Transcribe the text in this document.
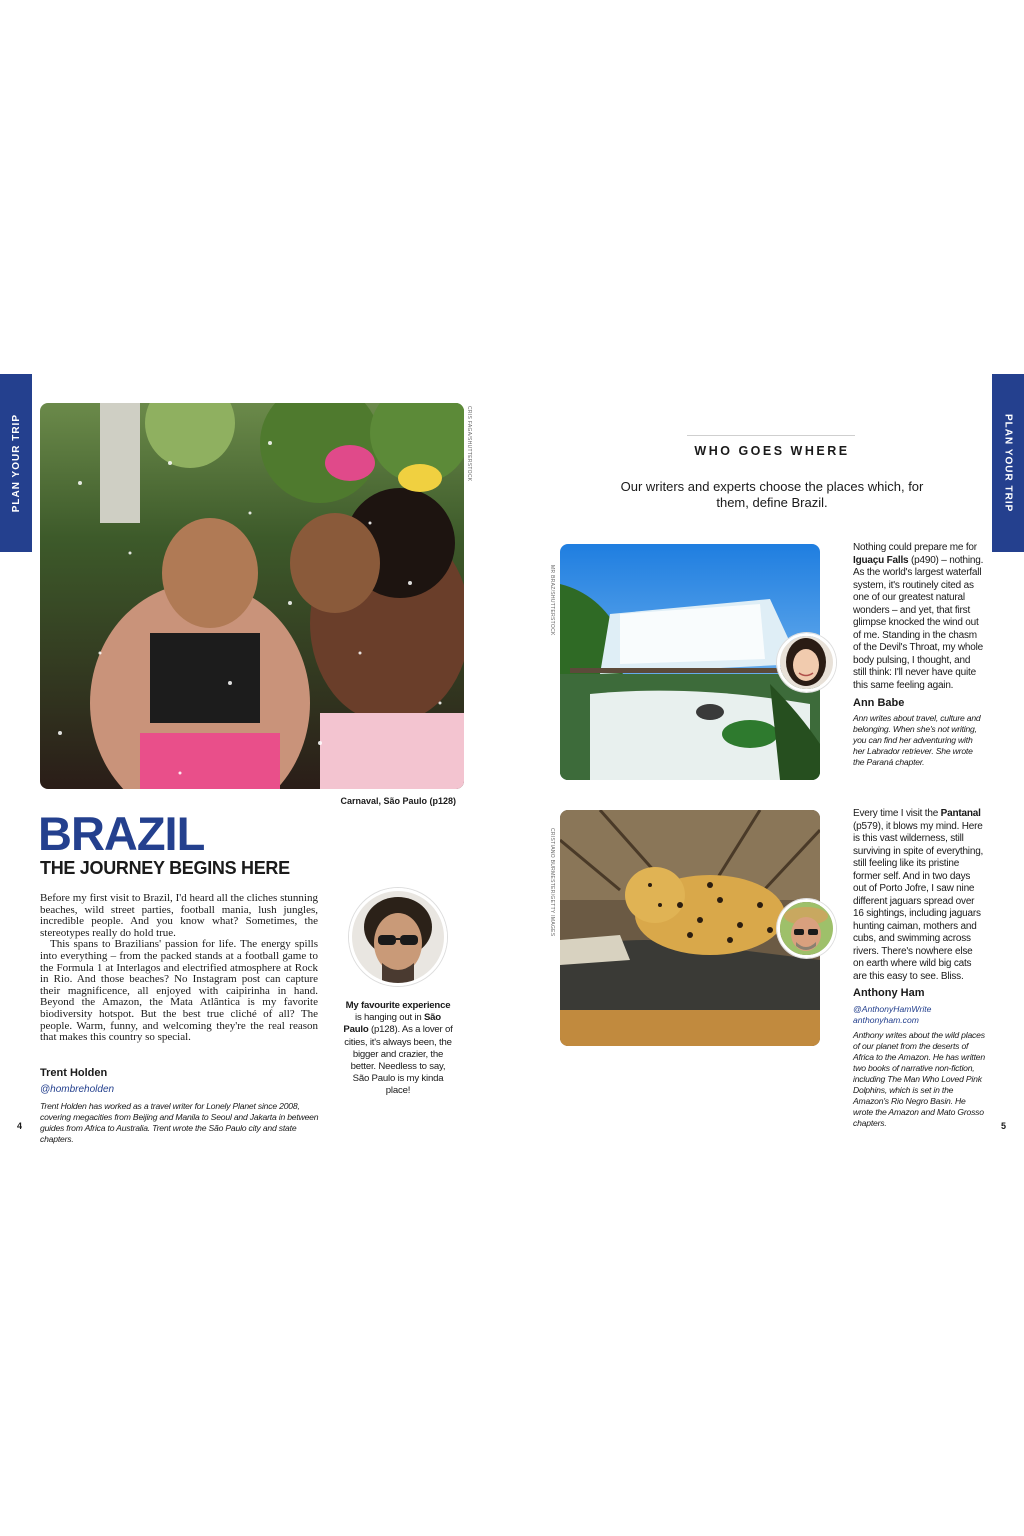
PLAN YOUR TRIP	PLAN YOUR TRIP
CRIS FAGA/SHUTTERSTOCK
Carnaval, São Paulo (p128)
BRAZIL
THE JOURNEY BEGINS HERE

Before my first visit to Brazil, I'd heard all the cliches stunning beaches, wild street parties, football mania, lush jungles, incredible people. And you know what? Sometimes, the stereotypes really do hold true.

This spans to Brazilians' passion for life. The energy spills into everything – from the packed stands at a football game to the Formula 1 at Interlagos and electrified atmosphere at Rock in Rio. And those beaches? No Instagram post can capture their magnificence, all enjoyed with caipirinha in hand. Beyond the Amazon, the Mata Atlântica is my favorite biodiversity hotspot. But the best true cliché of all? The people. Warm, funny, and welcoming they're the real reason that makes this country so special.

Trent Holden
@hombreholden
Trent Holden has worked as a travel writer for Lonely Planet since 2008, covering megacities from Beijing and Manila to Seoul and Jakarta in between guides from Africa to Australia. Trent wrote the São Paulo city and state chapters.
My favourite experience is hanging out in São Paulo (p128). As a lover of cities, it's always been, the bigger and crazier, the better. Needless to say, São Paulo is my kinda place!
4
WHO GOES WHERE
Our writers and experts choose the places which, for them, define Brazil.
MR BRAZ/SHUTTERSTOCK
Nothing could prepare me for Iguaçu Falls (p490) – nothing. As the world's largest waterfall system, it's routinely cited as one of our greatest natural wonders – and yet, that first glimpse knocked the wind out of me. Standing in the chasm of the Devil's Throat, my whole body pulsing, I thought, and still think: I'll never have quite this same feeling again.
Ann Babe
Ann writes about travel, culture and belonging. When she's not writing, you can find her adventuring with her Labrador retriever. She wrote the Paraná chapter.
CRISTIANO BURMESTER/GETTY IMAGES
Every time I visit the Pantanal (p579), it blows my mind. Here is this vast wilderness, still surviving in spite of everything, still feeling like its pristine former self. And in two days out of Porto Jofre, I saw nine different jaguars spread over 16 sightings, including jaguars hunting caiman, mothers and cubs, and swimming across rivers. There's nowhere else on earth where wild big cats are this easy to see. Bliss.
Anthony Ham
@AnthonyHamWrite
anthonyham.com
Anthony writes about the wild places of our planet from the deserts of Africa to the Amazon. He has written two books of narrative non-fiction, including The Man Who Loved Pink Dolphins, which is set in the Amazon's Rio Negro Basin. He wrote the Amazon and Mato Grosso chapters.	5
